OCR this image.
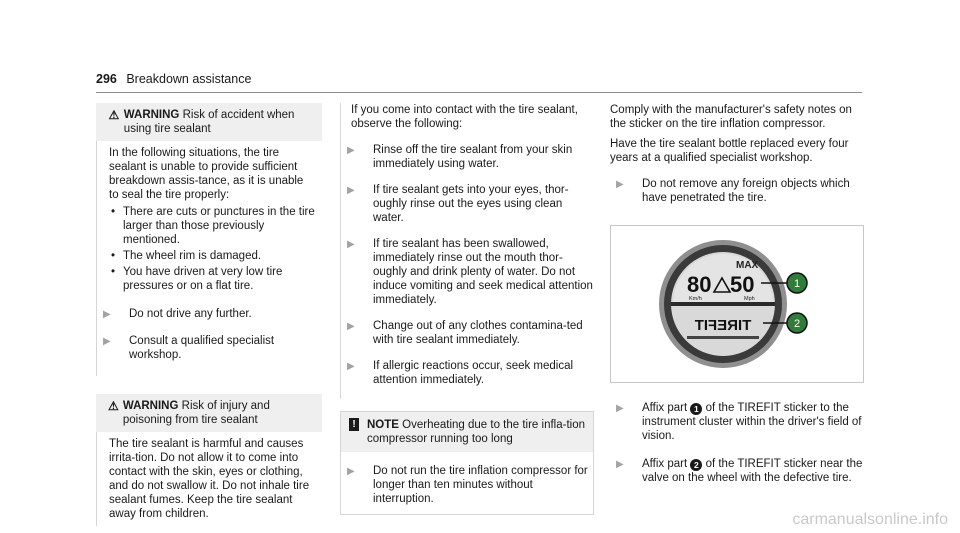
296 Breakdown assistance
⚠ WARNING Risk of accident when using tire sealant

In the following situations, the tire sealant is unable to provide sufficient breakdown assis-tance, as it is unable to seal the tire properly:

• There are cuts or punctures in the tire larger than those previously mentioned.
• The wheel rim is damaged.
• You have driven at very low tire pressures or on a flat tire.
▶	Do not drive any further.
▶	Consult a qualified specialist workshop.
⚠ WARNING Risk of injury and poisoning from tire sealant

The tire sealant is harmful and causes irrita-tion. Do not allow it to come into contact with the skin, eyes or clothing, and do not swallow it. Do not inhale tire sealant fumes. Keep the tire sealant away from children.

If you come into contact with the tire sealant, observe the following:

▶	Rinse off the tire sealant from your skin immediately using water.
▶	If tire sealant gets into your eyes, thor-oughly rinse out the eyes using clean water.
▶	If tire sealant has been swallowed, immediately rinse out the mouth thor-oughly and drink plenty of water. Do not induce vomiting and seek medical attention immediately.
▶	Change out of any clothes contamina-ted with tire sealant immediately.
▶	If allergic reactions occur, seek medical attention immediately.
! NOTE Overheating due to the tire infla-tion compressor running too long
▶	Do not run the tire inflation compressor for longer than ten minutes without interruption.

Comply with the manufacturer's safety notes on the sticker on the tire inflation compressor.

Have the tire sealant bottle replaced every four years at a qualified specialist workshop.

▶	Do not remove any foreign objects which have penetrated the tire.
MAX
80 50
Km/h	Mph
TIREFIT
1
2
▶	Affix part 1 of the TIREFIT sticker to the instrument cluster within the driver's field of vision.
▶	Affix part 2 of the TIREFIT sticker near the valve on the wheel with the defective tire.
carmanualsonline.info
